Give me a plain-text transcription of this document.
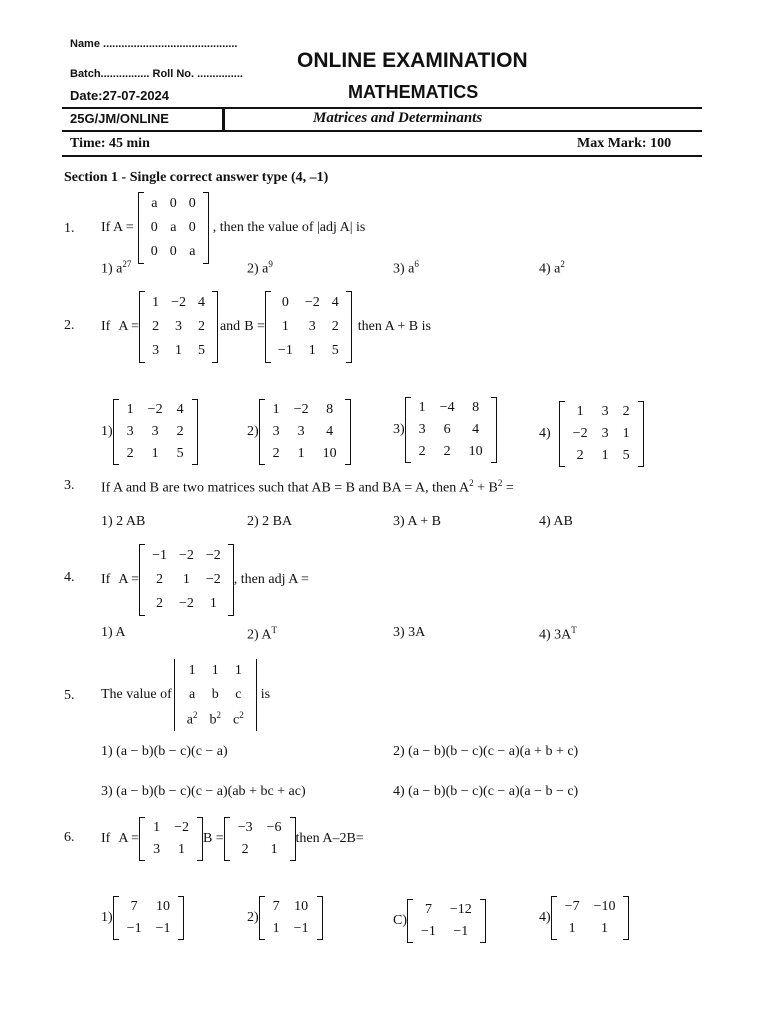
Name ............................................
Batch................ Roll No. ...............
Date:27-07-2024
ONLINE EXAMINATION
MATHEMATICS
25G/JM/ONLINE	Matrices and Determinants
Time: 45 min	Max Mark: 100
Section 1 - Single correct answer type (4, –1)
1. If A =
a	0	0
0	a	0
0	0	a
, then the value of |adj A| is
1) $a^{27}$	2) $a^9$	3) $a^6$	4) $a^2$
2. If A =
1	−2	4
2	3	2
3	1	5
and B =
0	−2	4
1	3	2
−1	1	5
then A + B is
1)
1	−2	4
3	3	2
2	1	5
2)
1	−2	8
3	3	4
2	1	10
3)
1	−4	8
3	6	4
2	2	10
4)
1	3	2
−2	3	1
2	1	5
3. If A and B are two matrices such that AB = B and BA = A, then $A^2 + B^2$ =
1) 2 AB	2) 2 BA	3) A + B	4) AB
4. If A =
−1	−2	−2
2	1	−2
2	−2	1
, then adj A =
1) A	2) $A^T$	3) 3A	4) $3A^T$
5. The value of
1	1	1
a	b	c
$a^2$	$b^2$	$c^2$
is
1) (a − b)(b − c)(c − a)	2) (a − b)(b − c)(c − a)(a + b + c)
3) (a − b)(b − c)(c − a)(ab + bc + ac)	4) (a − b)(b − c)(c − a)(a − b − c)
6. If A =
1	−2
3	1
B =
−3	−6
2	1
then A–2B=
1)
7	10
−1	−1
2)
7	10
1	−1
C)
7	−12
−1	−1
4)
−7	−10
1	1
